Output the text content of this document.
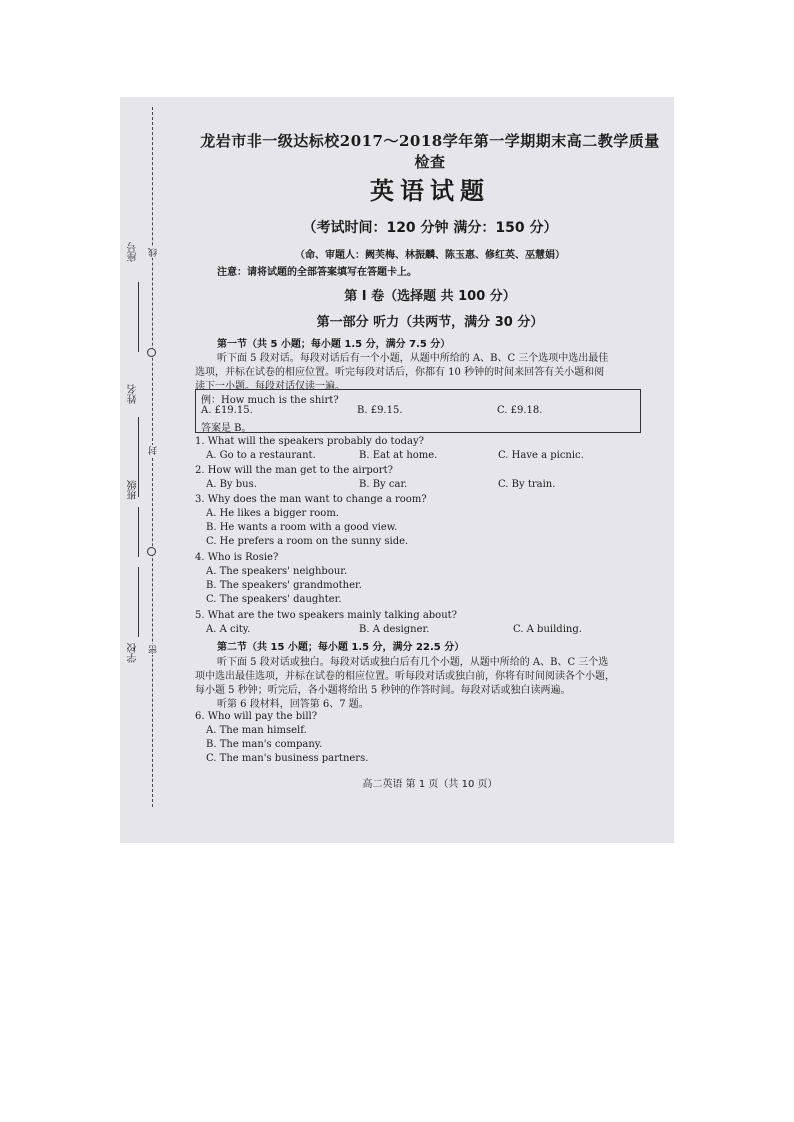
座号 线
姓名
封
班级
学校 密
龙岩市非一级达标校2017～2018学年第一学期期末高二教学质量检查
英语试题
（考试时间：120 分钟 满分：150 分）
（命、审题人：阙芙梅、林振麟、陈玉惠、修红英、巫慧娟）
注意：请将试题的全部答案填写在答题卡上。
第 I 卷（选择题 共 100 分）
第一部分 听力（共两节，满分 30 分）
第一节（共 5 小题；每小题 1.5 分，满分 7.5 分）
听下面 5 段对话。每段对话后有一个小题，从题中所给的 A、B、C 三个选项中选出最佳
选项，并标在试卷的相应位置。听完每段对话后，你都有 10 秒钟的时间来回答有关小题和阅
读下一小题。每段对话仅读一遍。
例：How much is the shirt?
A. £19.15.	B. £9.15.	C. £9.18.
答案是 B。
1. What will the speakers probably do today?
A. Go to a restaurant.	B. Eat at home.	C. Have a picnic.
2. How will the man get to the airport?
A. By bus.	B. By car.	C. By train.
3. Why does the man want to change a room?
A. He likes a bigger room.
B. He wants a room with a good view.
C. He prefers a room on the sunny side.
4. Who is Rosie?
A. The speakers' neighbour.
B. The speakers' grandmother.
C. The speakers' daughter.
5. What are the two speakers mainly talking about?
A. A city.	B. A designer.	C. A building.
第二节（共 15 小题；每小题 1.5 分，满分 22.5 分）
听下面 5 段对话或独白。每段对话或独白后有几个小题，从题中所给的 A、B、C 三个选
项中选出最佳选项，并标在试卷的相应位置。听每段对话或独白前，你将有时间阅读各个小题，
每小题 5 秒钟；听完后，各小题将给出 5 秒钟的作答时间。每段对话或独白读两遍。
听第 6 段材料，回答第 6、7 题。
6. Who will pay the bill?
A. The man himself.
B. The man's company.
C. The man's business partners.
高二英语 第 1 页（共 10 页）
